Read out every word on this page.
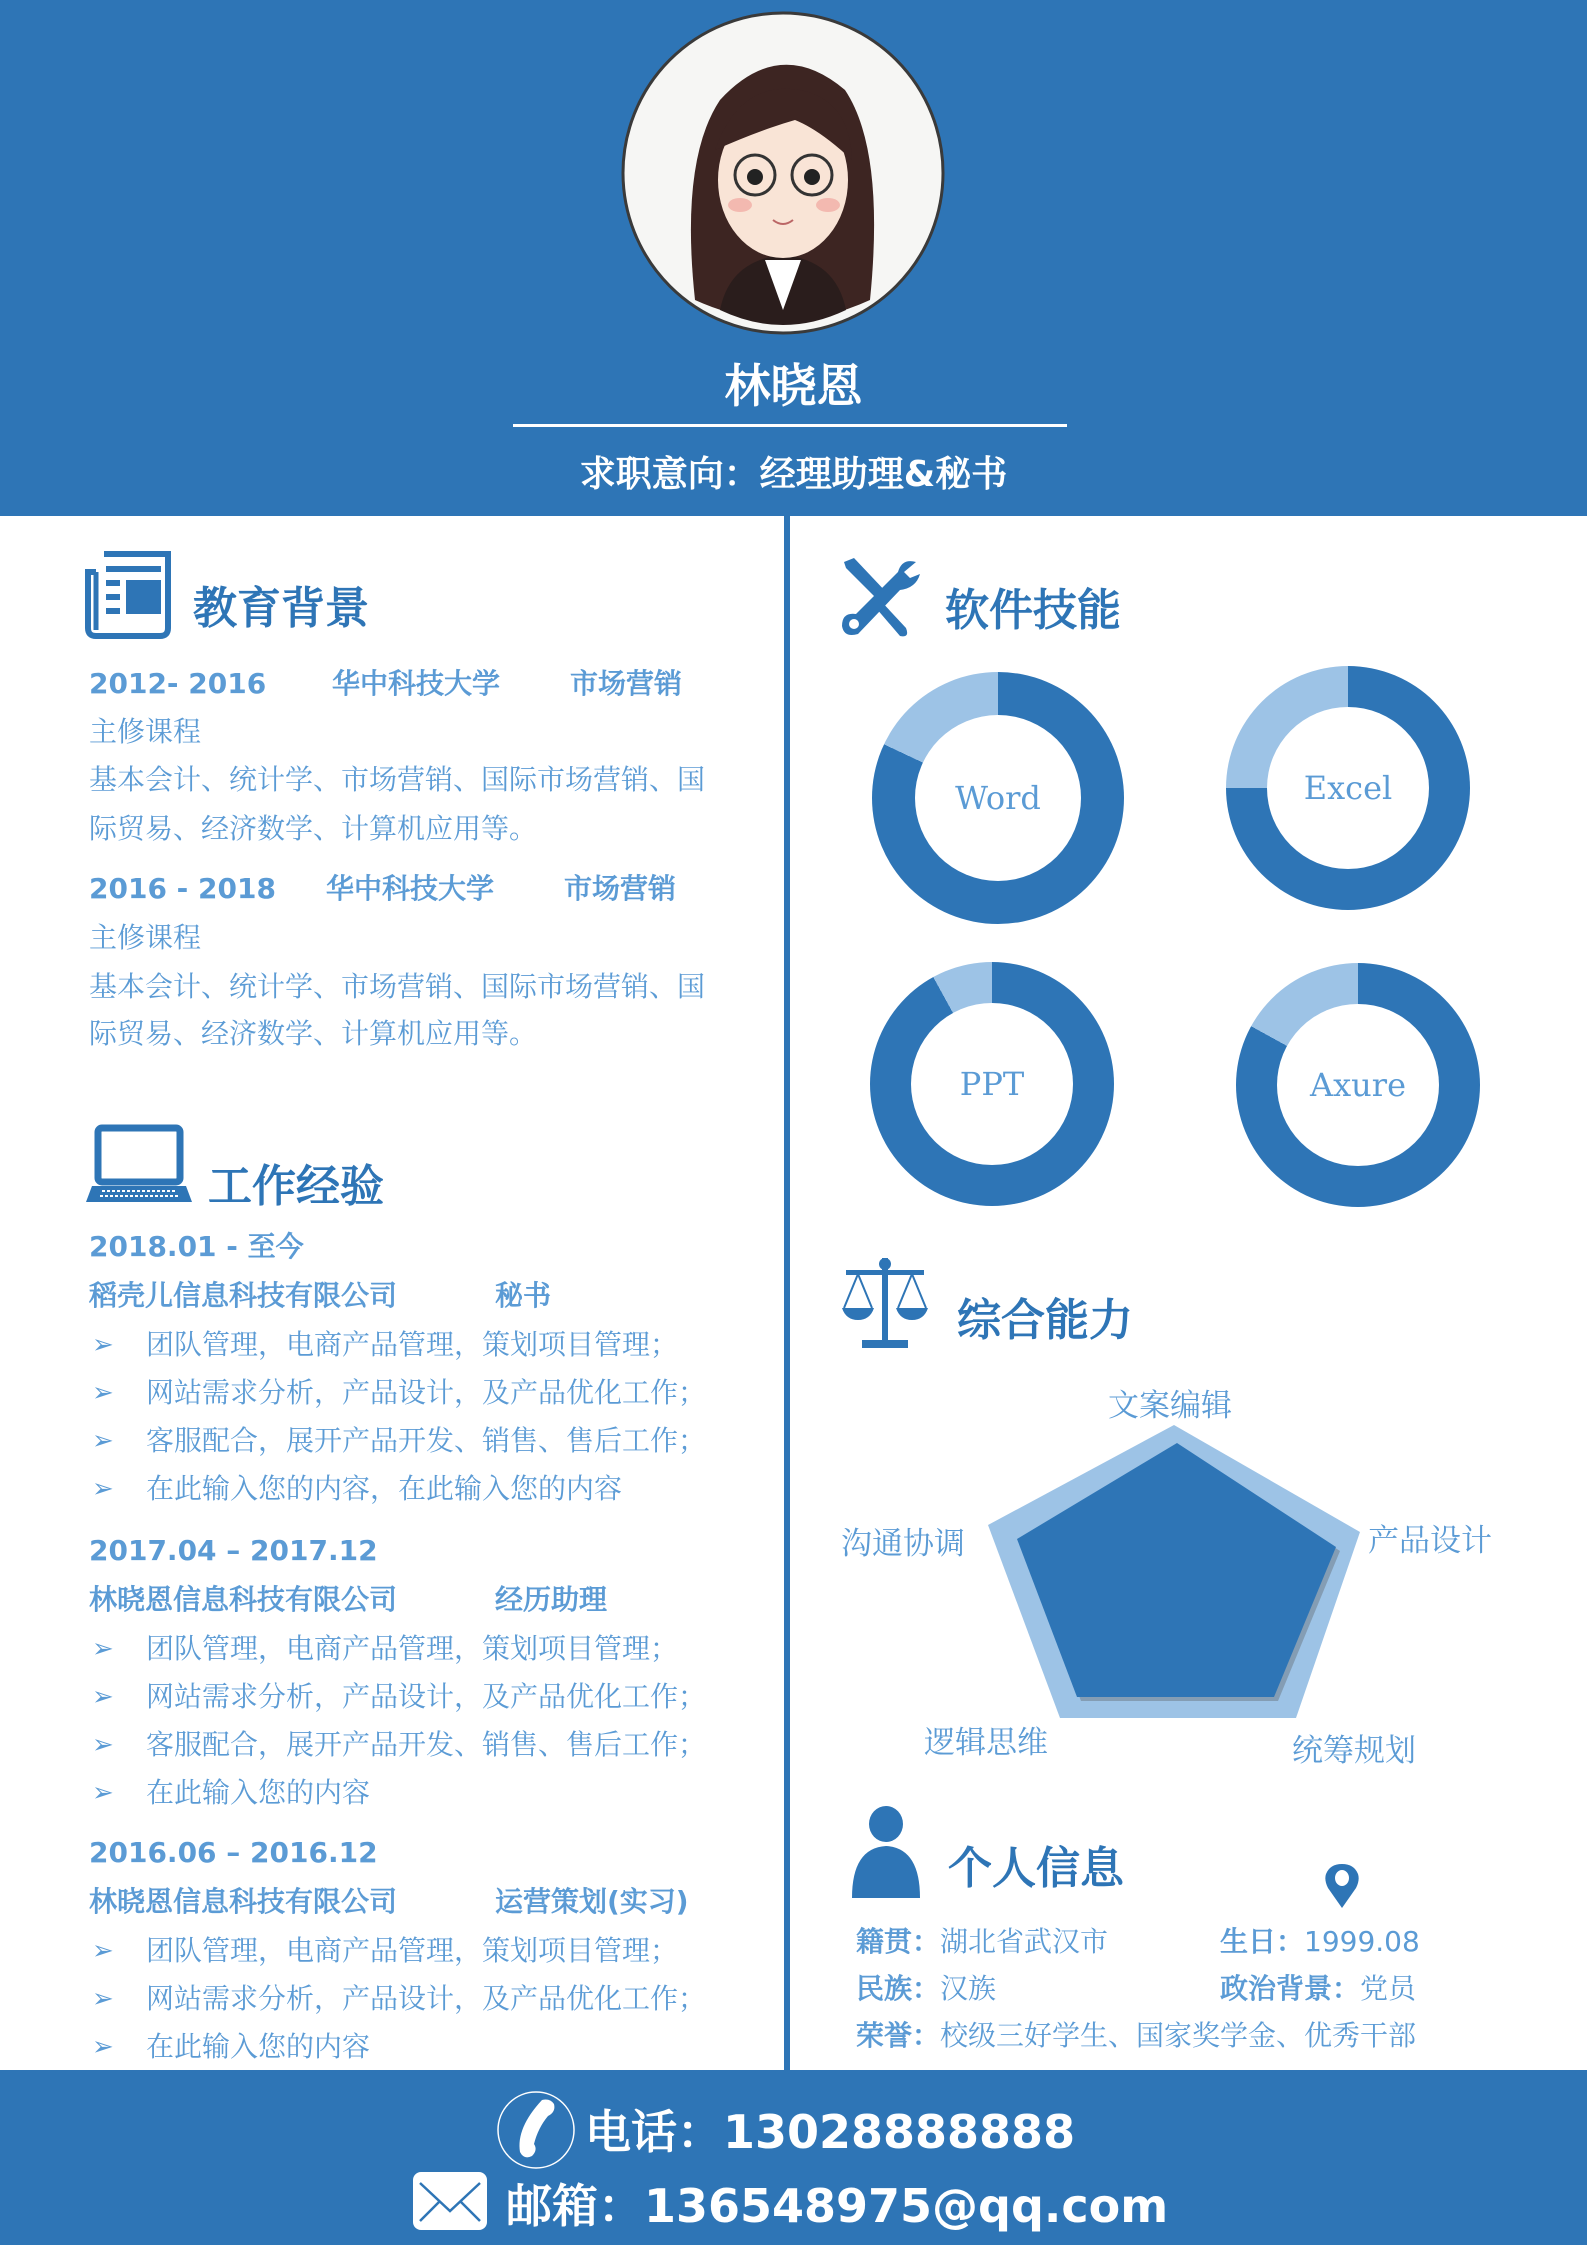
林晓恩
求职意向：经理助理&秘书
教育背景
2012- 2016 华中科技大学 市场营销
主修课程
基本会计、统计学、市场营销、国际市场营销、国
际贸易、经济数学、计算机应用等。
2016 - 2018 华中科技大学 市场营销
主修课程
基本会计、统计学、市场营销、国际市场营销、国
际贸易、经济数学、计算机应用等。
工作经验
2018.01 - 至今
稻壳儿信息科技有限公司	秘书
➢ 团队管理，电商产品管理，策划项目管理；
➢ 网站需求分析，产品设计，及产品优化工作；
➢ 客服配合，展开产品开发、销售、售后工作；
➢ 在此输入您的内容，在此输入您的内容
2017.04 – 2017.12
林晓恩信息科技有限公司	经历助理
➢ 团队管理，电商产品管理，策划项目管理；
➢ 网站需求分析，产品设计，及产品优化工作；
➢ 客服配合，展开产品开发、销售、售后工作；
➢ 在此输入您的内容
2016.06 – 2016.12
林晓恩信息科技有限公司	运营策划(实习)
➢ 团队管理，电商产品管理，策划项目管理；
➢ 网站需求分析，产品设计，及产品优化工作；
➢ 在此输入您的内容
软件技能
Word	Excel
PPT	Axure
综合能力
文案编辑
产品设计
统筹规划
逻辑思维
沟通协调
个人信息
籍贯：湖北省武汉市	生日：1999.08
民族：汉族	政治背景：党员
荣誉：校级三好学生、国家奖学金、优秀干部
电话：13028888888
邮箱：136548975@qq.com
